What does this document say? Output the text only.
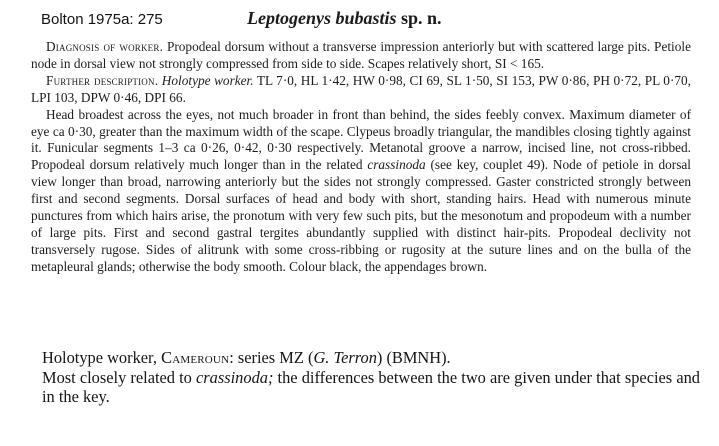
Bolton 1975a: 275	Leptogenys bubastis sp. n.

Diagnosis of worker. Propodeal dorsum without a transverse impression anteriorly but with scattered large pits. Petiole node in dorsal view not strongly compressed from side to side. Scapes relatively short, SI < 165.

Further description. Holotype worker. TL 7·0, HL 1·42, HW 0·98, CI 69, SL 1·50, SI 153, PW 0·86, PH 0·72, PL 0·70, LPI 103, DPW 0·46, DPI 66.

Head broadest across the eyes, not much broader in front than behind, the sides feebly convex. Maximum diameter of eye ca 0·30, greater than the maximum width of the scape. Clypeus broadly triangular, the mandibles closing tightly against it. Funicular segments 1–3 ca 0·26, 0·42, 0·30 respectively. Metanotal groove a narrow, incised line, not cross-ribbed. Propodeal dorsum relatively much longer than in the related crassinoda (see key, couplet 49). Node of petiole in dorsal view longer than broad, narrowing anteriorly but the sides not strongly compressed. Gaster constricted strongly between first and second segments. Dorsal surfaces of head and body with short, standing hairs. Head with numerous minute punctures from which hairs arise, the pronotum with very few such pits, but the mesonotum and propodeum with a number of large pits. First and second gastral tergites abundantly supplied with distinct hair-pits. Propodeal declivity not transversely rugose. Sides of alitrunk with some cross-ribbing or rugosity at the suture lines and on the bulla of the metapleural glands; otherwise the body smooth. Colour black, the appendages brown.

Holotype worker, Cameroun: series MZ (G. Terron) (BMNH).

Most closely related to crassinoda; the differences between the two are given under that species and in the key.
